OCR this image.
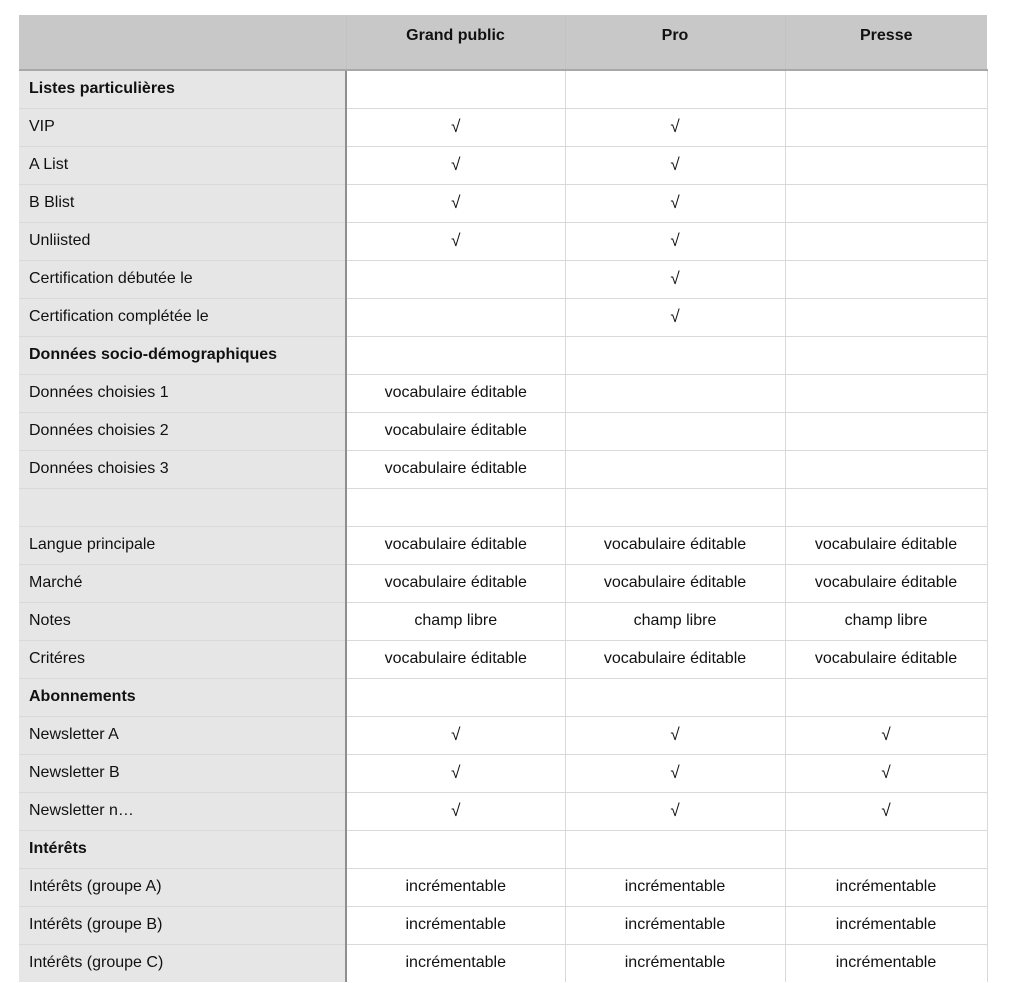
	Grand public	Pro	Presse
Listes particulières			
VIP	√	√	
A List	√	√	
B Blist	√	√	
Unliisted	√	√	
Certification débutée le		√	
Certification complétée le		√	
Données socio-démographiques			
Données choisies 1	vocabulaire éditable		
Données choisies 2	vocabulaire éditable		
Données choisies 3	vocabulaire éditable		

Langue principale	vocabulaire éditable	vocabulaire éditable	vocabulaire éditable
Marché	vocabulaire éditable	vocabulaire éditable	vocabulaire éditable
Notes	champ libre	champ libre	champ libre
Critéres	vocabulaire éditable	vocabulaire éditable	vocabulaire éditable
Abonnements			
Newsletter A	√	√	√
Newsletter B	√	√	√
Newsletter n…	√	√	√
Intérêts			
Intérêts (groupe A)	incrémentable	incrémentable	incrémentable
Intérêts (groupe B)	incrémentable	incrémentable	incrémentable
Intérêts (groupe C)	incrémentable	incrémentable	incrémentable
